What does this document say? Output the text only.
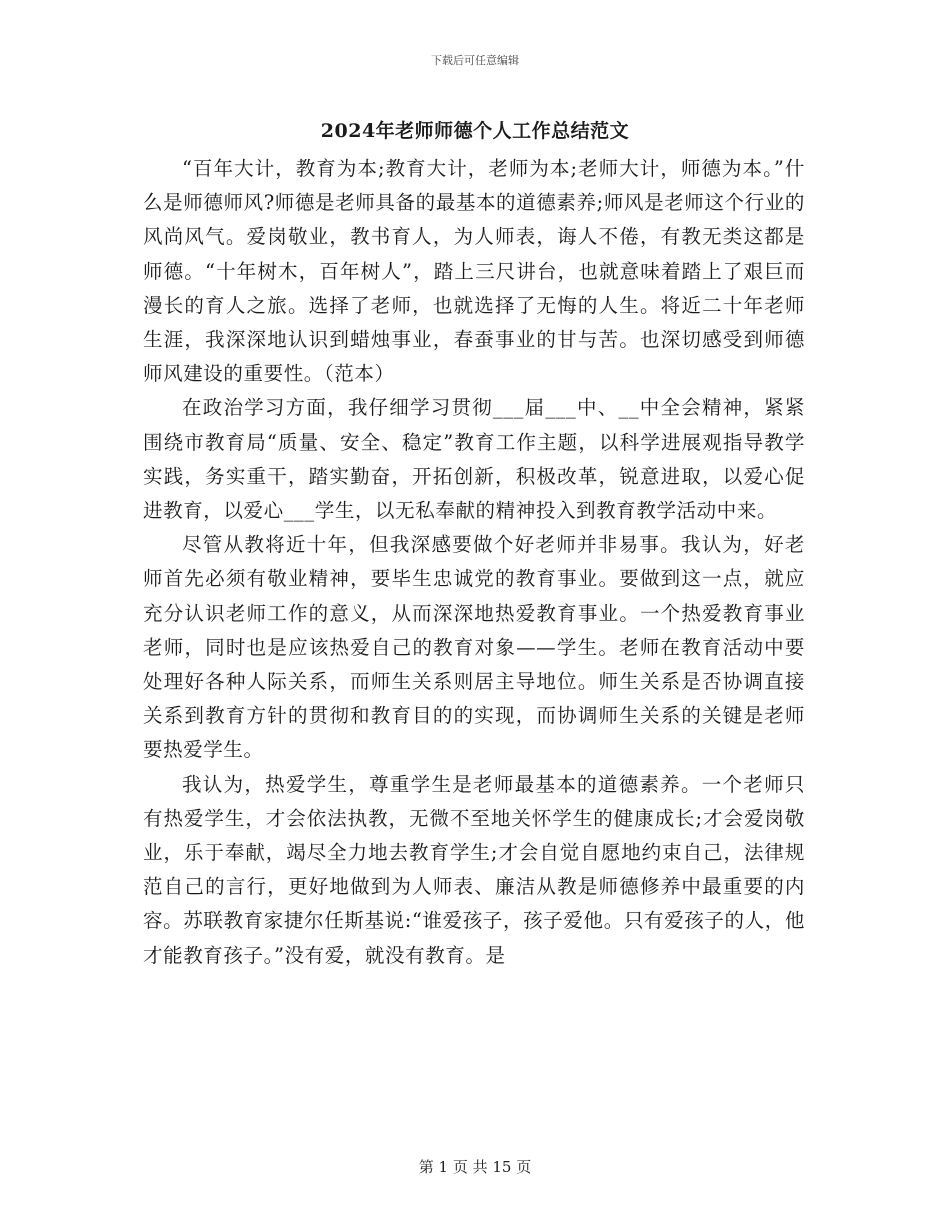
下载后可任意编辑
2024年老师师德个人工作总结范文

“百年大计，教育为本;教育大计，老师为本;老师大计，师德为本。”什么是师德师风?师德是老师具备的最基本的道德素养;师风是老师这个行业的风尚风气。爱岗敬业，教书育人，为人师表，诲人不倦，有教无类这都是师德。“十年树木，百年树人”，踏上三尺讲台，也就意味着踏上了艰巨而漫长的育人之旅。选择了老师，也就选择了无悔的人生。将近二十年老师生涯，我深深地认识到蜡烛事业，春蚕事业的甘与苦。也深切感受到师德师风建设的重要性。（范本）

在政治学习方面，我仔细学习贯彻___届___中、__中全会精神，紧紧围绕市教育局“质量、安全、稳定”教育工作主题，以科学进展观指导教学实践，务实重干，踏实勤奋，开拓创新，积极改革，锐意进取，以爱心促进教育，以爱心___学生，以无私奉献的精神投入到教育教学活动中来。

尽管从教将近十年，但我深感要做个好老师并非易事。我认为，好老师首先必须有敬业精神，要毕生忠诚党的教育事业。要做到这一点，就应充分认识老师工作的意义，从而深深地热爱教育事业。一个热爱教育事业老师，同时也是应该热爱自己的教育对象——学生。老师在教育活动中要处理好各种人际关系，而师生关系则居主导地位。师生关系是否协调直接关系到教育方针的贯彻和教育目的的实现，而协调师生关系的关键是老师要热爱学生。

我认为，热爱学生，尊重学生是老师最基本的道德素养。一个老师只有热爱学生，才会依法执教，无微不至地关怀学生的健康成长;才会爱岗敬业，乐于奉献，竭尽全力地去教育学生;才会自觉自愿地约束自己，法律规范自己的言行，更好地做到为人师表、廉洁从教是师德修养中最重要的内容。苏联教育家捷尔任斯基说:“谁爱孩子，孩子爱他。只有爱孩子的人，他才能教育孩子。”没有爱，就没有教育。是

第 1 页 共 15 页
